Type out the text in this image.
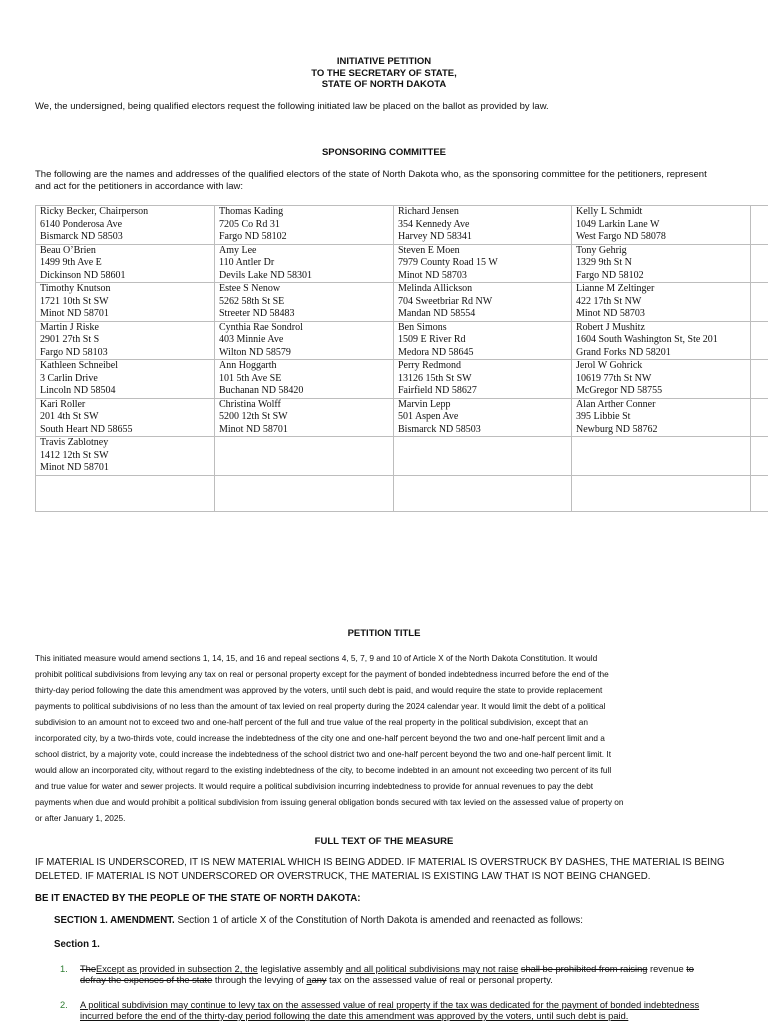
INITIATIVE PETITION
TO THE SECRETARY OF STATE,
STATE OF NORTH DAKOTA
We, the undersigned, being qualified electors request the following initiated law be placed on the ballot as provided by law.
SPONSORING COMMITTEE
The following are the names and addresses of the qualified electors of the state of North Dakota who, as the sponsoring committee for the petitioners, represent and act for the petitioners in accordance with law:
Ricky Becker, Chairperson
6140 Ponderosa Ave
Bismarck ND 58503	Thomas Kading
7205 Co Rd 31
Fargo ND 58102	Richard Jensen
354 Kennedy Ave
Harvey ND 58341	Kelly L Schmidt
1049 Larkin Lane W
West Fargo ND 58078	

Beau O’Brien
1499 9th Ave E
Dickinson ND 58601	Amy Lee
110 Antler Dr
Devils Lake ND 58301	Steven E Moen
7979 County Road 15 W
Minot ND 58703	Tony Gehrig
1329 9th St N
Fargo ND 58102	

Timothy Knutson
1721 10th St SW
Minot ND 58701	Estee S Nenow
5262 58th St SE
Streeter ND 58483	Melinda Allickson
704 Sweetbriar Rd NW
Mandan ND 58554	Lianne M Zeltinger
422 17th St NW
Minot ND 58703	

Martin J Riske
2901 27th St S
Fargo ND 58103	Cynthia Rae Sondrol
403 Minnie Ave
Wilton ND 58579	Ben Simons
1509 E River Rd
Medora ND 58645	Robert J Mushitz
1604 South Washington St, Ste 201
Grand Forks ND 58201	

Kathleen Schneibel
3 Carlin Drive
Lincoln ND 58504	Ann Hoggarth
101 5th Ave SE
Buchanan ND 58420	Perry Redmond
13126 15th St SW
Fairfield ND 58627	Jerol W Gohrick
10619 77th St NW
McGregor ND 58755	

Kari Roller
201 4th St SW
South Heart ND 58655	Christina Wolff
5200 12th St SW
Minot ND 58701	Marvin Lepp
501 Aspen Ave
Bismarck ND 58503	Alan Arther Conner
395 Libbie St
Newburg ND 58762	

Travis Zablotney
1412 12th St SW
Minot ND 58701				

PETITION TITLE
This initiated measure would amend sections 1, 14, 15, and 16 and repeal sections 4, 5, 7, 9 and 10 of Article X of the North Dakota Constitution. It would
prohibit political subdivisions from levying any tax on real or personal property except for the payment of bonded indebtedness incurred before the end of the
thirty-day period following the date this amendment was approved by the voters, until such debt is paid, and would require the state to provide replacement
payments to political subdivisions of no less than the amount of tax levied on real property during the 2024 calendar year. It would limit the debt of a political
subdivision to an amount not to exceed two and one-half percent of the full and true value of the real property in the political subdivision, except that an
incorporated city, by a two-thirds vote, could increase the indebtedness of the city one and one-half percent beyond the two and one-half percent limit and a
school district, by a majority vote, could increase the indebtedness of the school district two and one-half percent beyond the two and one-half percent limit. It
would allow an incorporated city, without regard to the existing indebtedness of the city, to become indebted in an amount not exceeding two percent of its full
and true value for water and sewer projects. It would require a political subdivision incurring indebtedness to provide for annual revenues to pay the debt
payments when due and would prohibit a political subdivision from issuing general obligation bonds secured with tax levied on the assessed value of property on
or after January 1, 2025.
FULL TEXT OF THE MEASURE
IF MATERIAL IS UNDERSCORED, IT IS NEW MATERIAL WHICH IS BEING ADDED. IF MATERIAL IS OVERSTRUCK BY DASHES, THE MATERIAL IS BEING
DELETED. IF MATERIAL IS NOT UNDERSCORED OR OVERSTRUCK, THE MATERIAL IS EXISTING LAW THAT IS NOT BEING CHANGED.
BE IT ENACTED BY THE PEOPLE OF THE STATE OF NORTH DAKOTA:
SECTION 1. AMENDMENT. Section 1 of article X of the Constitution of North Dakota is amended and reenacted as follows:
Section 1.
1. TheExcept as provided in subsection 2, the legislative assembly and all political subdivisions may not raise shall be prohibited from raising revenue to
defray the expenses of the state through the levying of aany tax on the assessed value of real or personal property.
2. A political subdivision may continue to levy tax on the assessed value of real property if the tax was dedicated for the payment of bonded indebtedness
incurred before the end of the thirty-day period following the date this amendment was approved by the voters, until such debt is paid.
